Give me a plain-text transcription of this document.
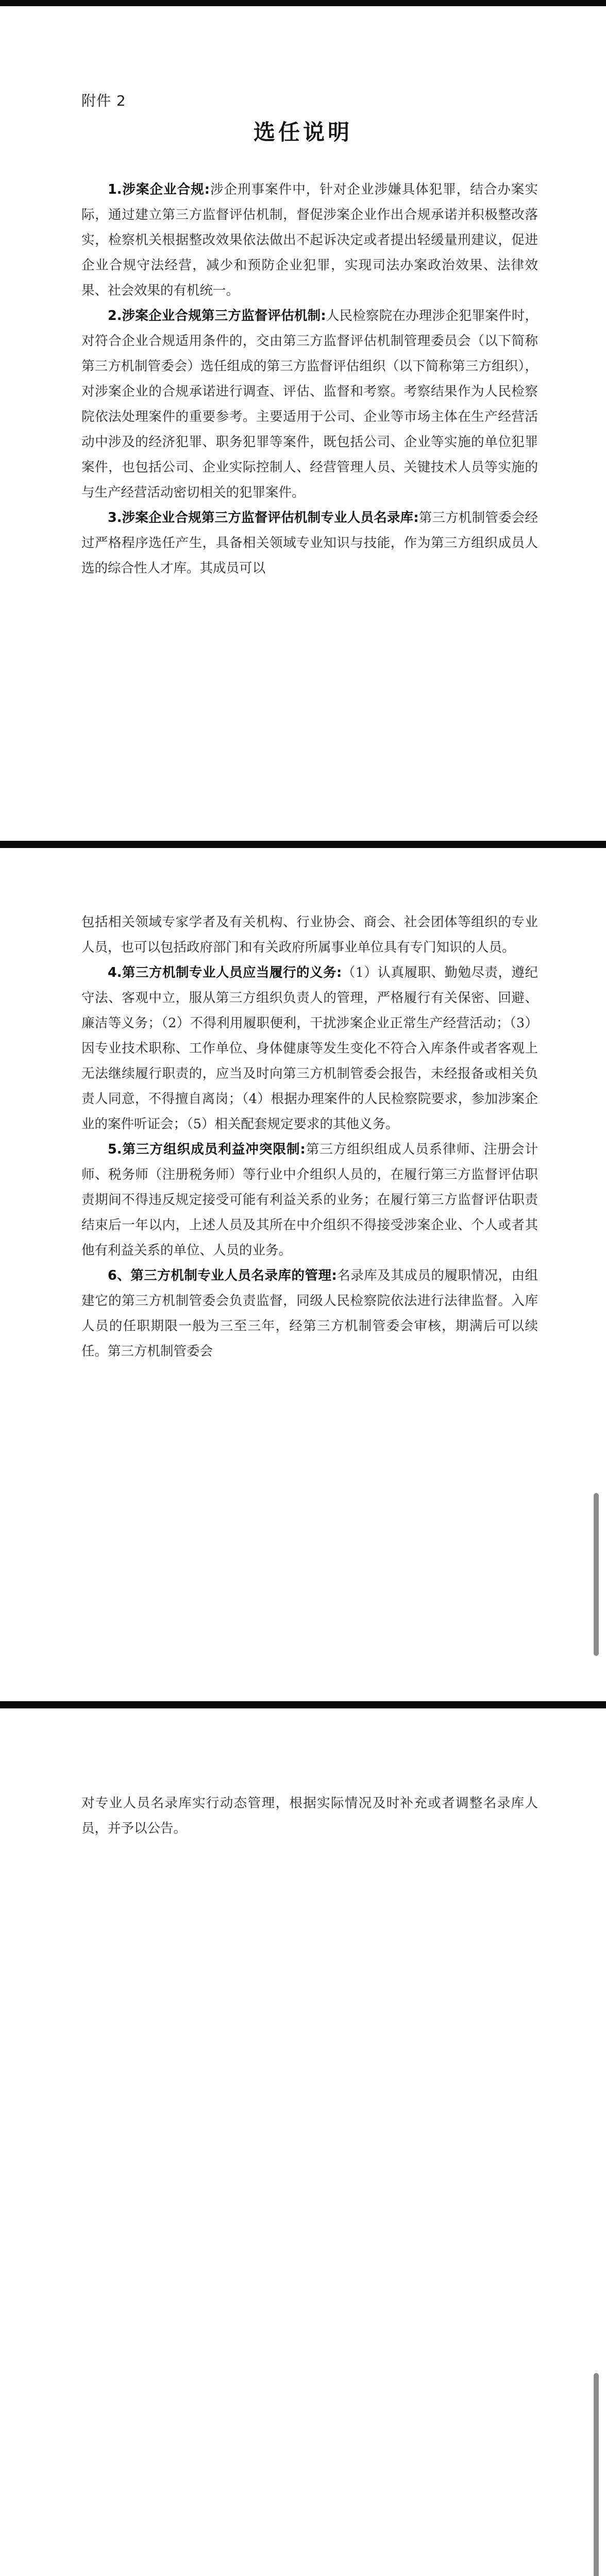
附件 2
选任说明

1.涉案企业合规:涉企刑事案件中，针对企业涉嫌具体犯罪，结合办案实际，通过建立第三方监督评估机制，督促涉案企业作出合规承诺并积极整改落实，检察机关根据整改效果依法做出不起诉决定或者提出轻缓量刑建议，促进企业合规守法经营，减少和预防企业犯罪，实现司法办案政治效果、法律效果、社会效果的有机统一。

2.涉案企业合规第三方监督评估机制:人民检察院在办理涉企犯罪案件时，对符合企业合规适用条件的，交由第三方监督评估机制管理委员会（以下简称第三方机制管委会）选任组成的第三方监督评估组织（以下简称第三方组织），对涉案企业的合规承诺进行调查、评估、监督和考察。考察结果作为人民检察院依法处理案件的重要参考。主要适用于公司、企业等市场主体在生产经营活动中涉及的经济犯罪、职务犯罪等案件，既包括公司、企业等实施的单位犯罪案件，也包括公司、企业实际控制人、经营管理人员、关键技术人员等实施的与生产经营活动密切相关的犯罪案件。

3.涉案企业合规第三方监督评估机制专业人员名录库:第三方机制管委会经过严格程序选任产生，具备相关领域专业知识与技能，作为第三方组织成员人选的综合性人才库。其成员可以

包括相关领域专家学者及有关机构、行业协会、商会、社会团体等组织的专业人员，也可以包括政府部门和有关政府所属事业单位具有专门知识的人员。

4.第三方机制专业人员应当履行的义务:（1）认真履职、勤勉尽责，遵纪守法、客观中立，服从第三方组织负责人的管理，严格履行有关保密、回避、廉洁等义务；（2）不得利用履职便利，干扰涉案企业正常生产经营活动；（3）因专业技术职称、工作单位、身体健康等发生变化不符合入库条件或者客观上无法继续履行职责的，应当及时向第三方机制管委会报告，未经报备或相关负责人同意，不得擅自离岗；（4）根据办理案件的人民检察院要求，参加涉案企业的案件听证会；（5）相关配套规定要求的其他义务。

5.第三方组织成员利益冲突限制:第三方组织组成人员系律师、注册会计师、税务师（注册税务师）等行业中介组织人员的，在履行第三方监督评估职责期间不得违反规定接受可能有利益关系的业务；在履行第三方监督评估职责结束后一年以内，上述人员及其所在中介组织不得接受涉案企业、个人或者其他有利益关系的单位、人员的业务。

6、第三方机制专业人员名录库的管理:名录库及其成员的履职情况，由组建它的第三方机制管委会负责监督，同级人民检察院依法进行法律监督。入库人员的任职期限一般为三至三年，经第三方机制管委会审核，期满后可以续任。第三方机制管委会

对专业人员名录库实行动态管理，根据实际情况及时补充或者调整名录库人员，并予以公告。
